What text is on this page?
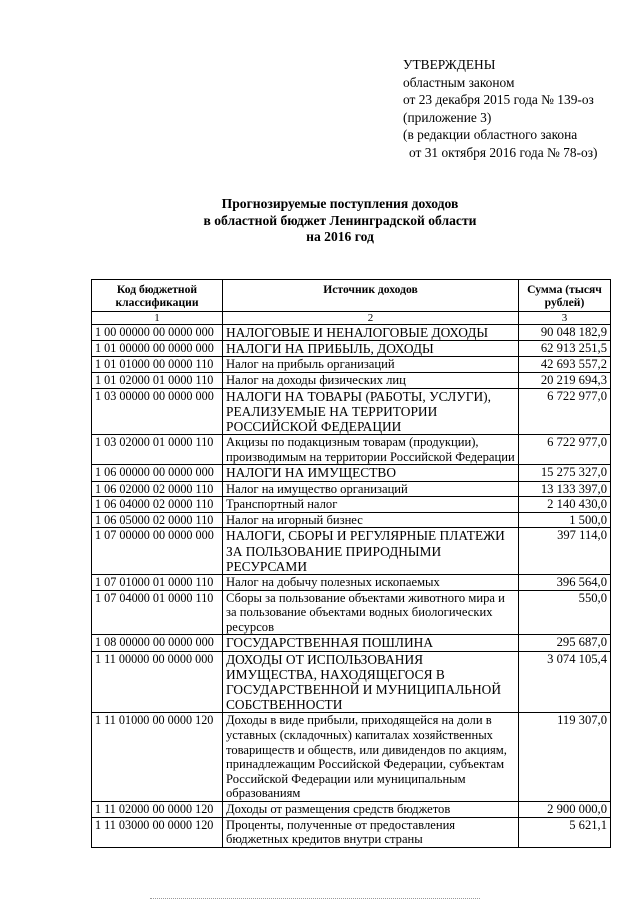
УТВЕРЖДЕНЫ
областным законом
от 23 декабря 2015 года № 139-оз
(приложение 3)
(в редакции областного закона
от 31 октября 2016 года № 78-оз)
Прогнозируемые поступления доходов
в областной бюджет Ленинградской области
на 2016 год
Код бюджетной классификации	Источник доходов	Сумма (тысяч рублей)
1	2	3
1 00 00000 00 0000 000	НАЛОГОВЫЕ И НЕНАЛОГОВЫЕ ДОХОДЫ	90 048 182,9
1 01 00000 00 0000 000	НАЛОГИ НА ПРИБЫЛЬ, ДОХОДЫ	62 913 251,5
1 01 01000 00 0000 110	Налог на прибыль организаций	42 693 557,2
1 01 02000 01 0000 110	Налог на доходы физических лиц	20 219 694,3
1 03 00000 00 0000 000	НАЛОГИ НА ТОВАРЫ (РАБОТЫ, УСЛУГИ), РЕАЛИЗУЕМЫЕ НА ТЕРРИТОРИИ РОССИЙСКОЙ ФЕДЕРАЦИИ	6 722 977,0
1 03 02000 01 0000 110	Акцизы по подакцизным товарам (продукции), производимым на территории Российской Федерации	6 722 977,0
1 06 00000 00 0000 000	НАЛОГИ НА ИМУЩЕСТВО	15 275 327,0
1 06 02000 02 0000 110	Налог на имущество организаций	13 133 397,0
1 06 04000 02 0000 110	Транспортный налог	2 140 430,0
1 06 05000 02 0000 110	Налог на игорный бизнес	1 500,0
1 07 00000 00 0000 000	НАЛОГИ, СБОРЫ И РЕГУЛЯРНЫЕ ПЛАТЕЖИ ЗА ПОЛЬЗОВАНИЕ ПРИРОДНЫМИ РЕСУРСАМИ	397 114,0
1 07 01000 01 0000 110	Налог на добычу полезных ископаемых	396 564,0
1 07 04000 01 0000 110	Сборы за пользование объектами животного мира и за пользование объектами водных биологических ресурсов	550,0
1 08 00000 00 0000 000	ГОСУДАРСТВЕННАЯ ПОШЛИНА	295 687,0
1 11 00000 00 0000 000	ДОХОДЫ ОТ ИСПОЛЬЗОВАНИЯ ИМУЩЕСТВА, НАХОДЯЩЕГОСЯ В ГОСУДАРСТВЕННОЙ И МУНИЦИПАЛЬНОЙ СОБСТВЕННОСТИ	3 074 105,4
1 11 01000 00 0000 120	Доходы в виде прибыли, приходящейся на доли в уставных (складочных) капиталах хозяйственных товариществ и обществ, или дивидендов по акциям, принадлежащим Российской Федерации, субъектам Российской Федерации или муниципальным образованиям	119 307,0
1 11 02000 00 0000 120	Доходы от размещения средств бюджетов	2 900 000,0
1 11 03000 00 0000 120	Проценты, полученные от предоставления бюджетных кредитов внутри страны	5 621,1
